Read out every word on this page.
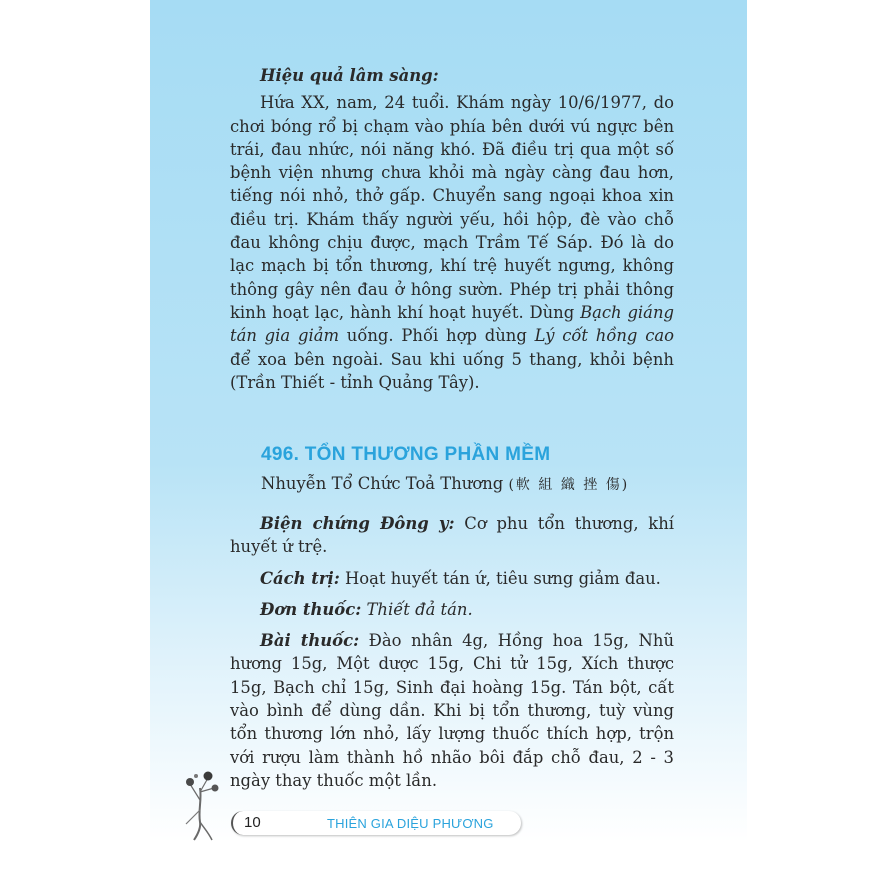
Hiệu quả lâm sàng:

Hứa XX, nam, 24 tuổi. Khám ngày 10/6/1977, do chơi bóng rổ bị chạm vào phía bên dưới vú ngực bên trái, đau nhức, nói năng khó. Đã điều trị qua một số bệnh viện nhưng chưa khỏi mà ngày càng đau hơn, tiếng nói nhỏ, thở gấp. Chuyển sang ngoại khoa xin điều trị. Khám thấy người yếu, hồi hộp, đè vào chỗ đau không chịu được, mạch Trầm Tế Sáp. Đó là do lạc mạch bị tổn thương, khí trệ huyết ngưng, không thông gây nên đau ở hông sườn. Phép trị phải thông kinh hoạt lạc, hành khí hoạt huyết. Dùng Bạch giáng tán gia giảm uống. Phối hợp dùng Lý cốt hồng cao để xoa bên ngoài. Sau khi uống 5 thang, khỏi bệnh (Trần Thiết - tỉnh Quảng Tây).

496. TỔN THƯƠNG PHẦN MỀM
Nhuyễn Tổ Chức Toả Thương (軟 組 織 挫 傷)

Biện chứng Đông y: Cơ phu tổn thương, khí huyết ứ trệ.

Cách trị: Hoạt huyết tán ứ, tiêu sưng giảm đau.

Đơn thuốc: Thiết đả tán.

Bài thuốc: Đào nhân 4g, Hồng hoa 15g, Nhũ hương 15g, Một dược 15g, Chi tử 15g, Xích thược 15g, Bạch chỉ 15g, Sinh đại hoàng 15g. Tán bột, cất vào bình để dùng dần. Khi bị tổn thương, tuỳ vùng tổn thương lớn nhỏ, lấy lượng thuốc thích hợp, trộn với rượu làm thành hồ nhão bôi đắp chỗ đau, 2 - 3 ngày thay thuốc một lần.

10	THIÊN GIA DIỆU PHƯƠNG
